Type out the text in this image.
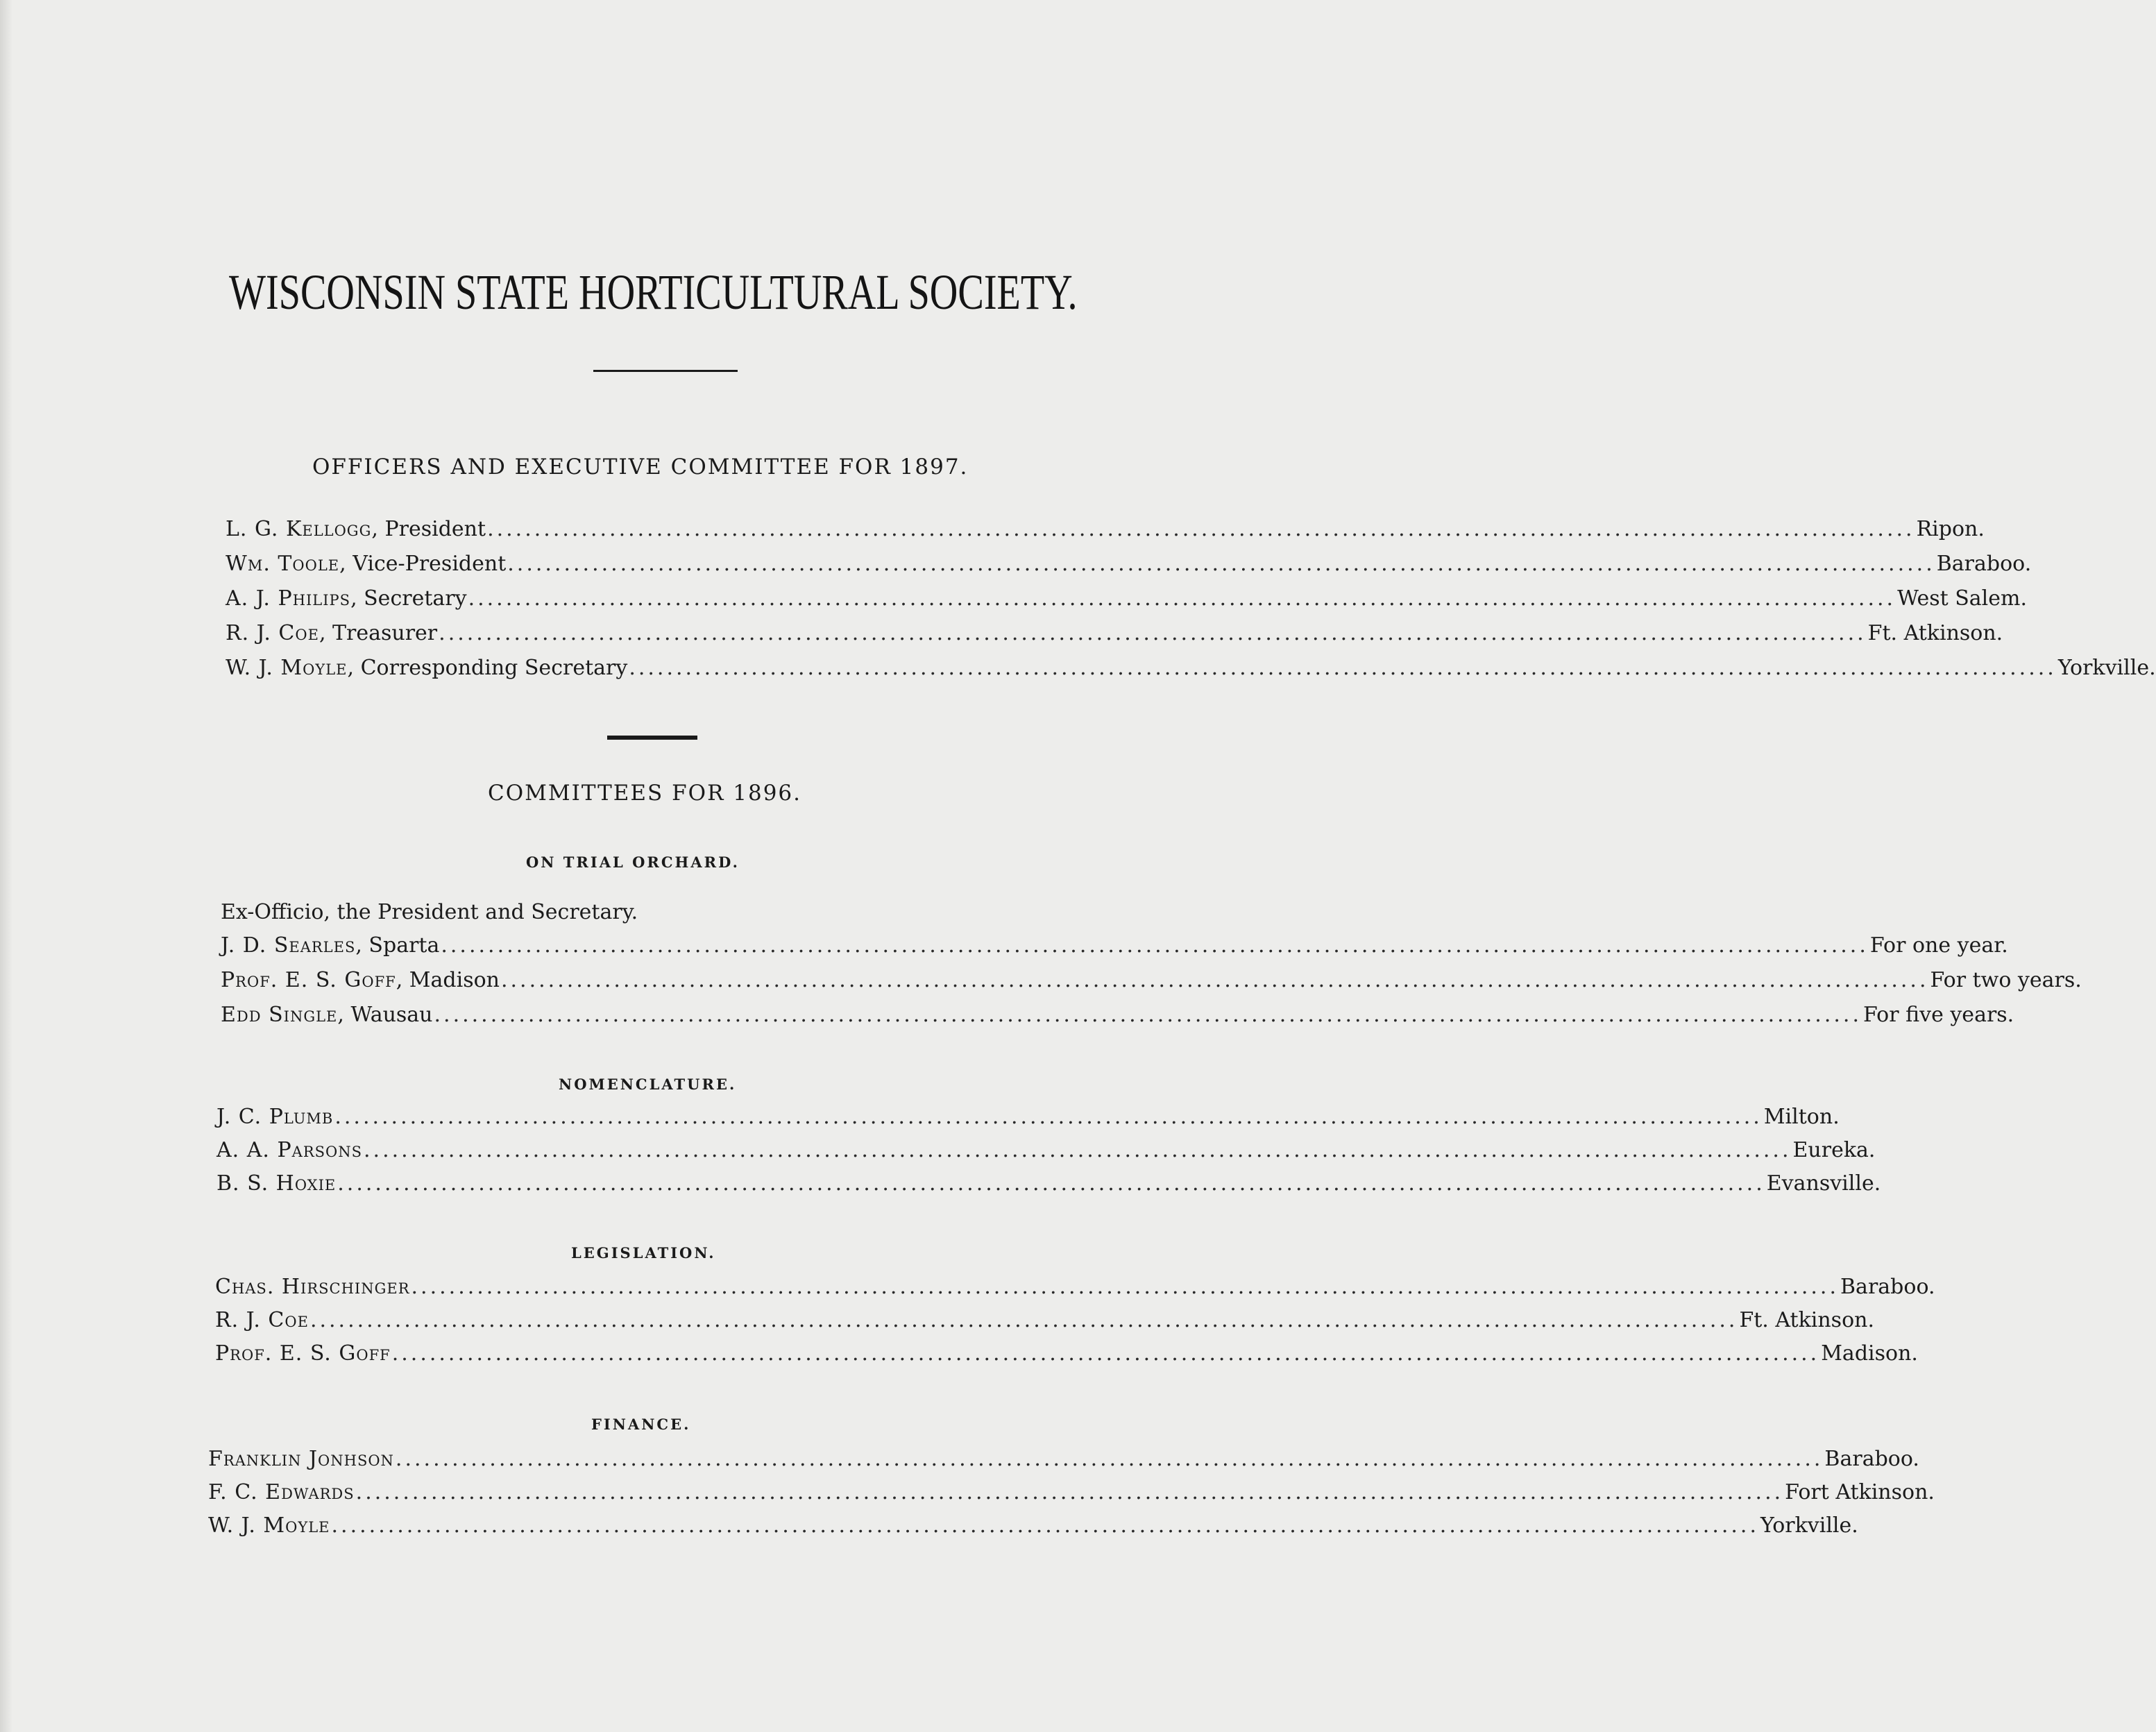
WISCONSIN STATE HORTICULTURAL SOCIETY.
OFFICERS AND EXECUTIVE COMMITTEE FOR 1897.
L. G. Kellogg, President ........................................................................................................................................................ Ripon.
Wm. Toole, Vice-President ........................................................................................................................................................ Baraboo.
A. J. Philips, Secretary ........................................................................................................................................................ West Salem.
R. J. Coe, Treasurer ........................................................................................................................................................ Ft. Atkinson.
W. J. Moyle, Corresponding Secretary ........................................................................................................................................................ Yorkville.
COMMITTEES FOR 1896.
ON TRIAL ORCHARD.
Ex-Officio, the President and Secretary.
J. D. Searles, Sparta ........................................................................................................................................................ For one year.
Prof. E. S. Goff, Madison ........................................................................................................................................................ For two years.
Edd Single, Wausau ........................................................................................................................................................ For five years.
NOMENCLATURE.
J. C. Plumb ........................................................................................................................................................ Milton.
A. A. Parsons ........................................................................................................................................................ Eureka.
B. S. Hoxie ........................................................................................................................................................ Evansville.
LEGISLATION.
Chas. Hirschinger ........................................................................................................................................................ Baraboo.
R. J. Coe ........................................................................................................................................................ Ft. Atkinson.
Prof. E. S. Goff ........................................................................................................................................................ Madison.
FINANCE.
Franklin Jonhson ........................................................................................................................................................ Baraboo.
F. C. Edwards ........................................................................................................................................................ Fort Atkinson.
W. J. Moyle ........................................................................................................................................................ Yorkville.
